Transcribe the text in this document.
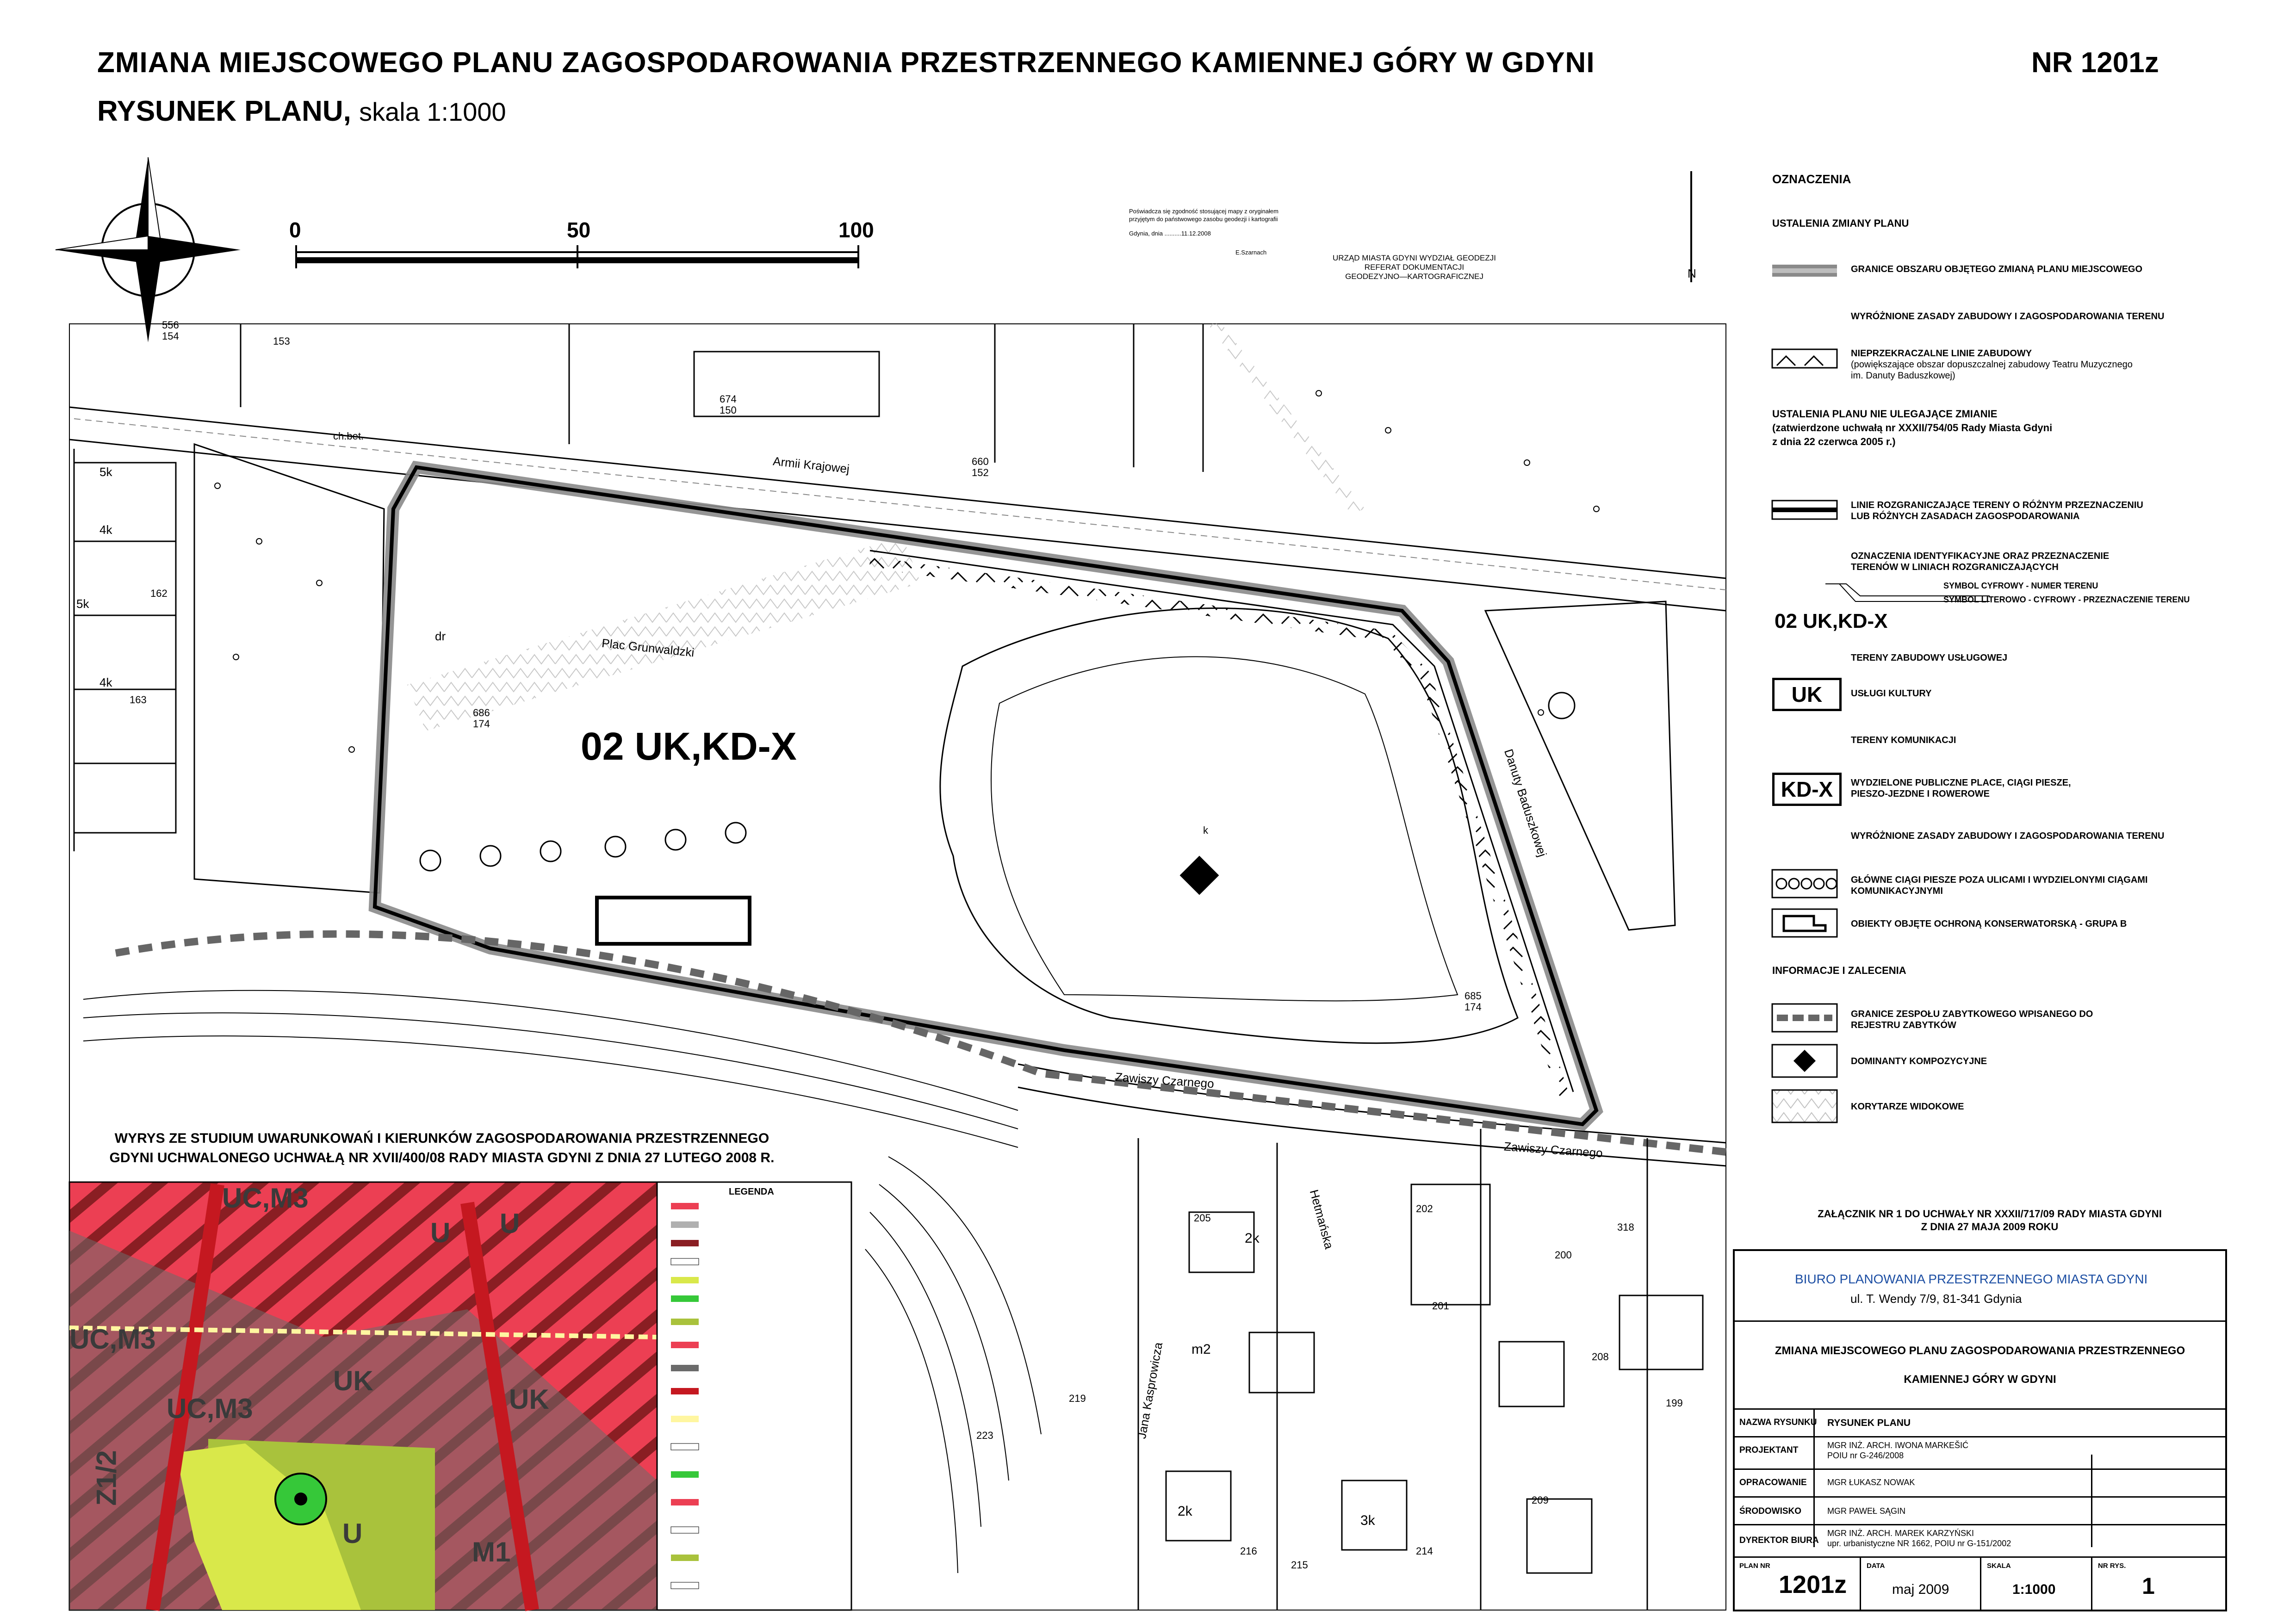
ZMIANA MIEJSCOWEGO PLANU ZAGOSPODAROWANIA PRZESTRZENNEGO KAMIENNEJ GÓRY W GDYNI	NR 1201z
RYSUNEK PLANU, skala 1:1000
N
0	50	100
Poświadcza się zgodność stosującej mapy z oryginałem
przyjętym do państwowego zasobu geodezji i kartografii
Gdynia, dnia ..........11.12.2008
E.Szarnach
URZĄD MIASTA GDYNI WYDZIAŁ GEODEZJI
REFERAT DOKUMENTACJI
GEODEZYJNO—KARTOGRAFICZNEJ
02 UK,KD-X
Armii Krajowej
Plac Grunwaldzki
Danuty Baduszkowej
Zawiszy Czarnego
Zawiszy Czarnego
Jana Kasprowicza
Hetmańska
686
174
685
174
153
556
154
674
150
660
152
162
163
205
202
200
201
199
216
215
214
219
223
209
208
318
5k
4k
4k
5k
2k
2k
3k
m2
dr
ch.bet.
k
WYRYS ZE STUDIUM UWARUNKOWAŃ I KIERUNKÓW ZAGOSPODAROWANIA PRZESTRZENNEGO
GDYNI UCHWALONEGO UCHWAŁĄ NR XVII/400/08 RADY MIASTA GDYNI Z DNIA 27 LUTEGO 2008 R.
UC,M3
UC,M3
UK
UK
UC,M3
U
U
U
M1
Z1/2
LEGENDA
OZNACZENIA
USTALENIA ZMIANY PLANU
GRANICE OBSZARU OBJĘTEGO ZMIANĄ PLANU MIEJSCOWEGO
WYRÓŻNIONE ZASADY ZABUDOWY I ZAGOSPODAROWANIA TERENU
NIEPRZEKRACZALNE LINIE ZABUDOWY
(powiększające obszar dopuszczalnej zabudowy Teatru Muzycznego
im. Danuty Baduszkowej)
USTALENIA PLANU NIE ULEGAJĄCE ZMIANIE
(zatwierdzone uchwałą nr XXXII/754/05 Rady Miasta Gdyni
z dnia 22 czerwca 2005 r.)
LINIE ROZGRANICZAJĄCE TERENY O RÓŻNYM PRZEZNACZENIU
LUB RÓŻNYCH ZASADACH ZAGOSPODAROWANIA
OZNACZENIA IDENTYFIKACYJNE ORAZ PRZEZNACZENIE
TERENÓW W LINIACH ROZGRANICZAJĄCYCH
SYMBOL CYFROWY - NUMER TERENU
SYMBOL LITEROWO - CYFROWY - PRZEZNACZENIE TERENU
02 UK,KD-X
TERENY ZABUDOWY USŁUGOWEJ
UK	USŁUGI KULTURY
TERENY KOMUNIKACJI
KD-X	WYDZIELONE PUBLICZNE PLACE, CIĄGI PIESZE,
PIESZO-JEZDNE I ROWEROWE
WYRÓŻNIONE ZASADY ZABUDOWY I ZAGOSPODAROWANIA TERENU
GŁÓWNE CIĄGI PIESZE POZA ULICAMI I WYDZIELONYMI CIĄGAMI
KOMUNIKACYJNYMI
OBIEKTY OBJĘTE OCHRONĄ KONSERWATORSKĄ - GRUPA B
INFORMACJE I ZALECENIA
GRANICE ZESPOŁU ZABYTKOWEGO WPISANEGO DO
REJESTRU ZABYTKÓW
DOMINANTY KOMPOZYCYJNE
KORYTARZE WIDOKOWE
ZAŁĄCZNIK NR 1 DO UCHWAŁY NR XXXII/717/09 RADY MIASTA GDYNI
Z DNIA 27 MAJA 2009 ROKU
BIURO PLANOWANIA PRZESTRZENNEGO MIASTA GDYNI
ul. T. Wendy 7/9, 81-341 Gdynia
ZMIANA MIEJSCOWEGO PLANU ZAGOSPODAROWANIA PRZESTRZENNEGO
KAMIENNEJ GÓRY W GDYNI
NAZWA RYSUNKU RYSUNEK PLANU
PROJEKTANT	MGR INŻ. ARCH. IWONA MARKEŠIĆ
POIU nr G-246/2008
OPRACOWANIE MGR ŁUKASZ NOWAK
ŚRODOWISKO	MGR PAWEŁ SĄGIN
DYREKTOR BIURA
MGR INŻ. ARCH. MAREK KARZYŃSKI
upr. urbanistyczne NR 1662, POIU nr G-151/2002
PLAN NR
1201z
DATA
maj 2009
SKALA
1:1000
NR RYS.
1
